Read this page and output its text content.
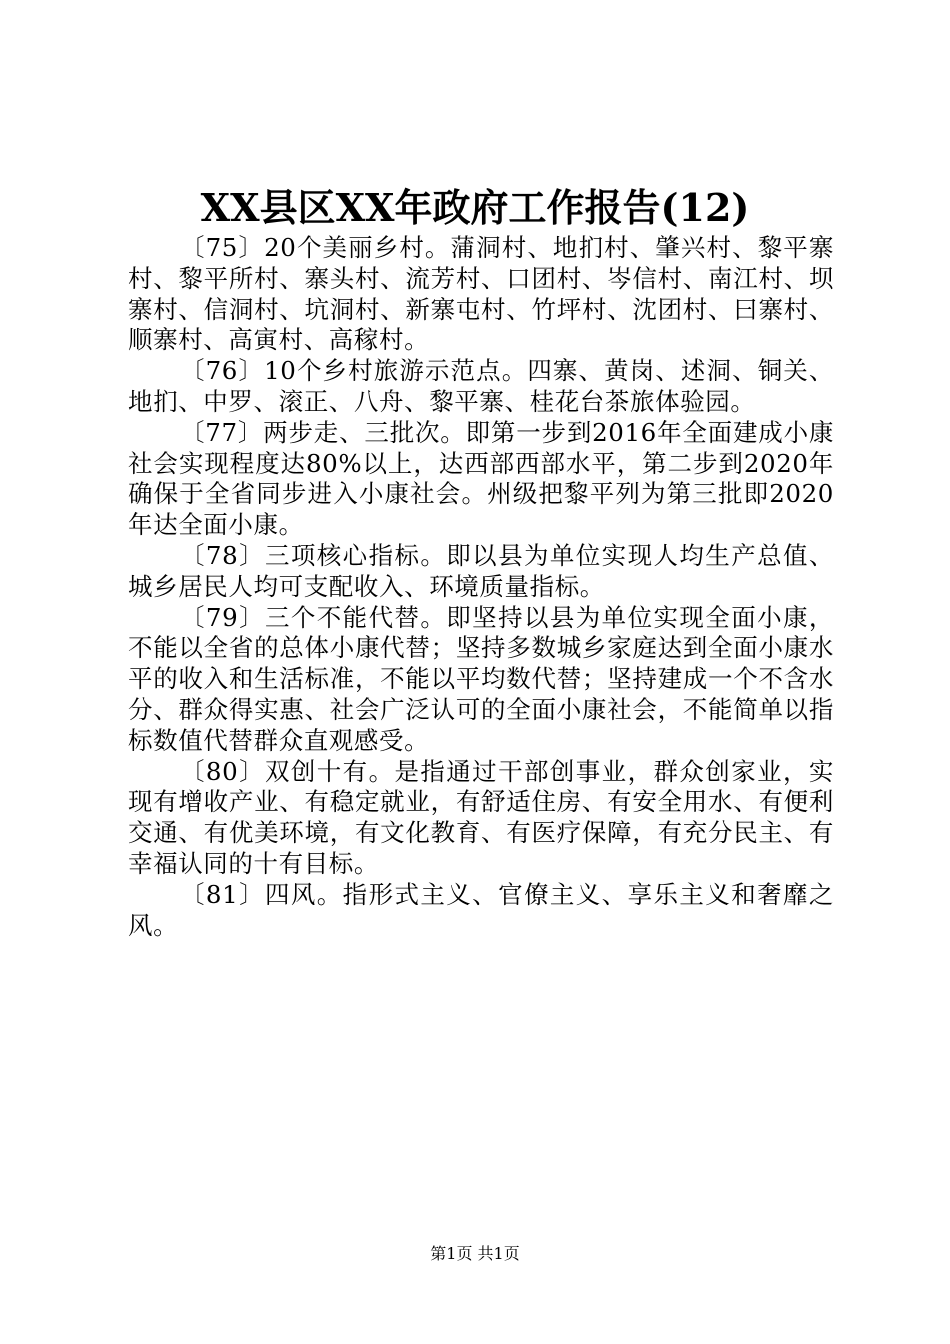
XX县区XX年政府工作报告(12)

〔75〕20个美丽乡村。蒲洞村、地扪村、肇兴村、黎平寨村、黎平所村、寨头村、流芳村、口团村、岑信村、南江村、坝寨村、信洞村、坑洞村、新寨屯村、竹坪村、沈团村、曰寨村、顺寨村、高寅村、高稼村。

〔76〕10个乡村旅游示范点。四寨、黄岗、述洞、铜关、地扪、中罗、滚正、八舟、黎平寨、桂花台茶旅体验园。

〔77〕两步走、三批次。即第一步到2016年全面建成小康社会实现程度达80%以上，达西部西部水平，第二步到2020年确保于全省同步进入小康社会。州级把黎平列为第三批即2020年达全面小康。

〔78〕三项核心指标。即以县为单位实现人均生产总值、城乡居民人均可支配收入、环境质量指标。

〔79〕三个不能代替。即坚持以县为单位实现全面小康，不能以全省的总体小康代替；坚持多数城乡家庭达到全面小康水平的收入和生活标准，不能以平均数代替；坚持建成一个不含水分、群众得实惠、社会广泛认可的全面小康社会，不能简单以指标数值代替群众直观感受。

〔80〕双创十有。是指通过干部创事业，群众创家业，实现有增收产业、有稳定就业，有舒适住房、有安全用水、有便利交通、有优美环境，有文化教育、有医疗保障，有充分民主、有幸福认同的十有目标。

〔81〕四风。指形式主义、官僚主义、享乐主义和奢靡之风。

第1页 共1页
